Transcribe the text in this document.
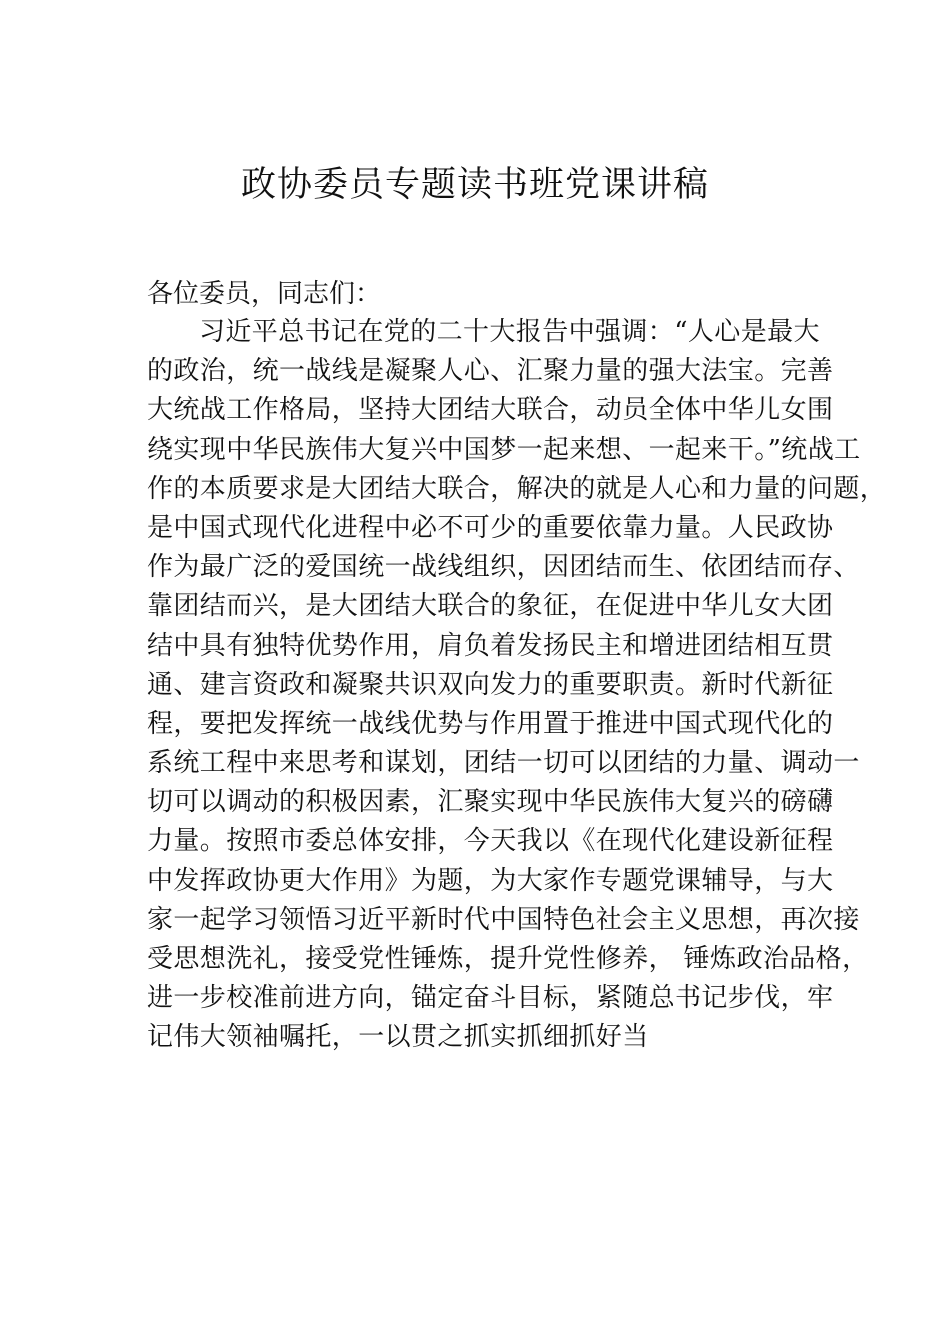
政协委员专题读书班党课讲稿

各位委员，同志们：

习近平总书记在党的二十大报告中强调：“人心是最大
的政治，统一战线是凝聚人心、汇聚力量的强大法宝。完善
大统战工作格局，坚持大团结大联合，动员全体中华儿女围
绕实现中华民族伟大复兴中国梦一起来想、一起来干。”统战工
作的本质要求是大团结大联合，解决的就是人心和力量的问题，
是中国式现代化进程中必不可少的重要依靠力量。人民政协
作为最广泛的爱国统一战线组织，因团结而生、依团结而存、
靠团结而兴，是大团结大联合的象征，在促进中华儿女大团
结中具有独特优势作用，肩负着发扬民主和增进团结相互贯
通、建言资政和凝聚共识双向发力的重要职责。新时代新征
程，要把发挥统一战线优势与作用置于推进中国式现代化的
系统工程中来思考和谋划，团结一切可以团结的力量、调动一
切可以调动的积极因素，汇聚实现中华民族伟大复兴的磅礴
力量。按照市委总体安排，今天我以《在现代化建设新征程
中发挥政协更大作用》为题，为大家作专题党课辅导，与大
家一起学习领悟习近平新时代中国特色社会主义思想，再次接
受思想洗礼，接受党性锤炼，提升党性修养， 锤炼政治品格，
进一步校准前进方向，锚定奋斗目标，紧随总书记步伐，牢
记伟大领袖嘱托，一以贯之抓实抓细抓好当
